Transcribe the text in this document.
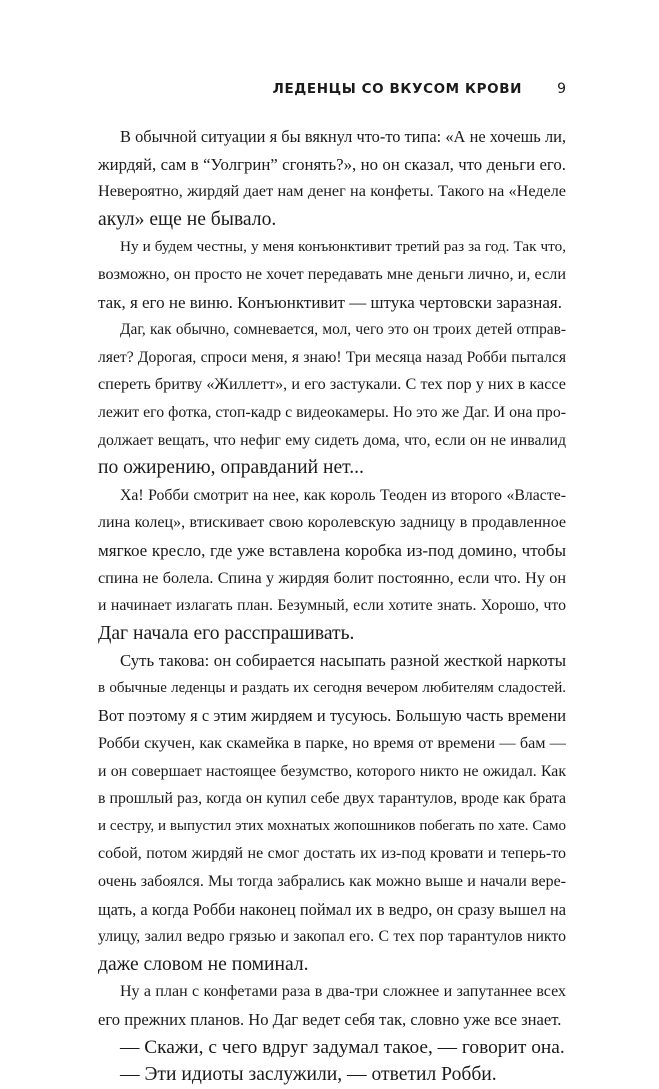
ЛЕДЕНЦЫ СО ВКУСОМ КРОВИ	9

В обычной ситуации я бы вякнул что-то типа: «А не хочешь ли,
жирдяй, сам в “Уолгрин” сгонять?», но он сказал, что деньги его.
Невероятно, жирдяй дает нам денег на конфеты. Такого на «Неделе
акул» еще не бывало.

Ну и будем честны, у меня конъюнктивит третий раз за год. Так что,
возможно, он просто не хочет передавать мне деньги лично, и, если
так, я его не виню. Конъюнктивит — штука чертовски заразная.

Даг, как обычно, сомневается, мол, чего это он троих детей отправ-
ляет? Дорогая, спроси меня, я знаю! Три месяца назад Робби пытался
спереть бритву «Жиллетт», и его застукали. С тех пор у них в кассе
лежит его фотка, стоп-кадр с видеокамеры. Но это же Даг. И она про-
должает вещать, что нефиг ему сидеть дома, что, если он не инвалид
по ожирению, оправданий нет...

Ха! Робби смотрит на нее, как король Теоден из второго «Властe-
лина колец», втискивает свою королевскую задницу в продавленное
мягкое кресло, где уже вставлена коробка из-под домино, чтобы
спина не болела. Спина у жирдяя болит постоянно, если что. Ну он
и начинает излагать план. Безумный, если хотите знать. Хорошо, что
Даг начала его расспрашивать.

Суть такова: он собирается насыпать разной жесткой наркоты
в обычные леденцы и раздать их сегодня вечером любителям сладостей.
Вот поэтому я с этим жирдяем и тусуюсь. Большую часть времени
Робби скучен, как скамейка в парке, но время от времени — бам —
и он совершает настоящее безумство, которого никто не ожидал. Как
в прошлый раз, когда он купил себе двух тарантулов, вроде как брата
и сестру, и выпустил этих мохнатых жопошников побегать по хате. Само
собой, потом жирдяй не смог достать их из-под кровати и теперь-то
очень забоялся. Мы тогда забрались как можно выше и начали вере-
щать, а когда Робби наконец поймал их в ведро, он сразу вышел на
улицу, залил ведро грязью и закопал его. С тех пор тарантулов никто
даже словом не поминал.

Ну а план с конфетами раза в два-три сложнее и запутаннее всех
его прежних планов. Но Даг ведет себя так, словно уже все знает.

— Скажи, с чего вдруг задумал такое, — говорит она.

— Эти идиоты заслужили, — ответил Робби.
